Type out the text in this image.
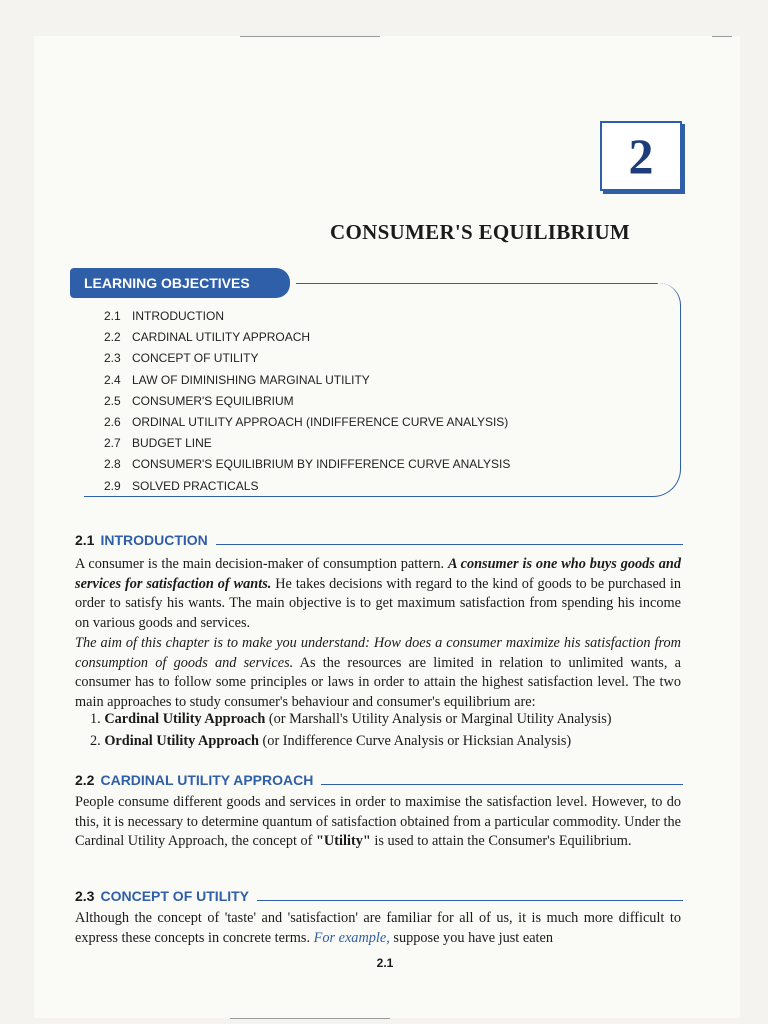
2
CONSUMER'S EQUILIBRIUM
LEARNING OBJECTIVES
2.1 INTRODUCTION
2.2 CARDINAL UTILITY APPROACH
2.3 CONCEPT OF UTILITY
2.4 LAW OF DIMINISHING MARGINAL UTILITY
2.5 CONSUMER'S EQUILIBRIUM
2.6 ORDINAL UTILITY APPROACH (INDIFFERENCE CURVE ANALYSIS)
2.7 BUDGET LINE
2.8 CONSUMER'S EQUILIBRIUM BY INDIFFERENCE CURVE ANALYSIS
2.9 SOLVED PRACTICALS
2.1 INTRODUCTION

A consumer is the main decision-maker of consumption pattern. A consumer is one who buys goods and services for satisfaction of wants. He takes decisions with regard to the kind of goods to be purchased in order to satisfy his wants. The main objective is to get maximum satisfaction from spending his income on various goods and services.

The aim of this chapter is to make you understand: How does a consumer maximize his satisfaction from consumption of goods and services. As the resources are limited in relation to unlimited wants, a consumer has to follow some principles or laws in order to attain the highest satisfaction level. The two main approaches to study consumer's behaviour and consumer's equilibrium are:

1. Cardinal Utility Approach (or Marshall's Utility Analysis or Marginal Utility Analysis)
2. Ordinal Utility Approach (or Indifference Curve Analysis or Hicksian Analysis)
2.2 CARDINAL UTILITY APPROACH

People consume different goods and services in order to maximise the satisfaction level. However, to do this, it is necessary to determine quantum of satisfaction obtained from a particular commodity. Under the Cardinal Utility Approach, the concept of "Utility" is used to attain the Consumer's Equilibrium.

2.3 CONCEPT OF UTILITY

Although the concept of 'taste' and 'satisfaction' are familiar for all of us, it is much more difficult to express these concepts in concrete terms. For example, suppose you have just eaten

2.1
